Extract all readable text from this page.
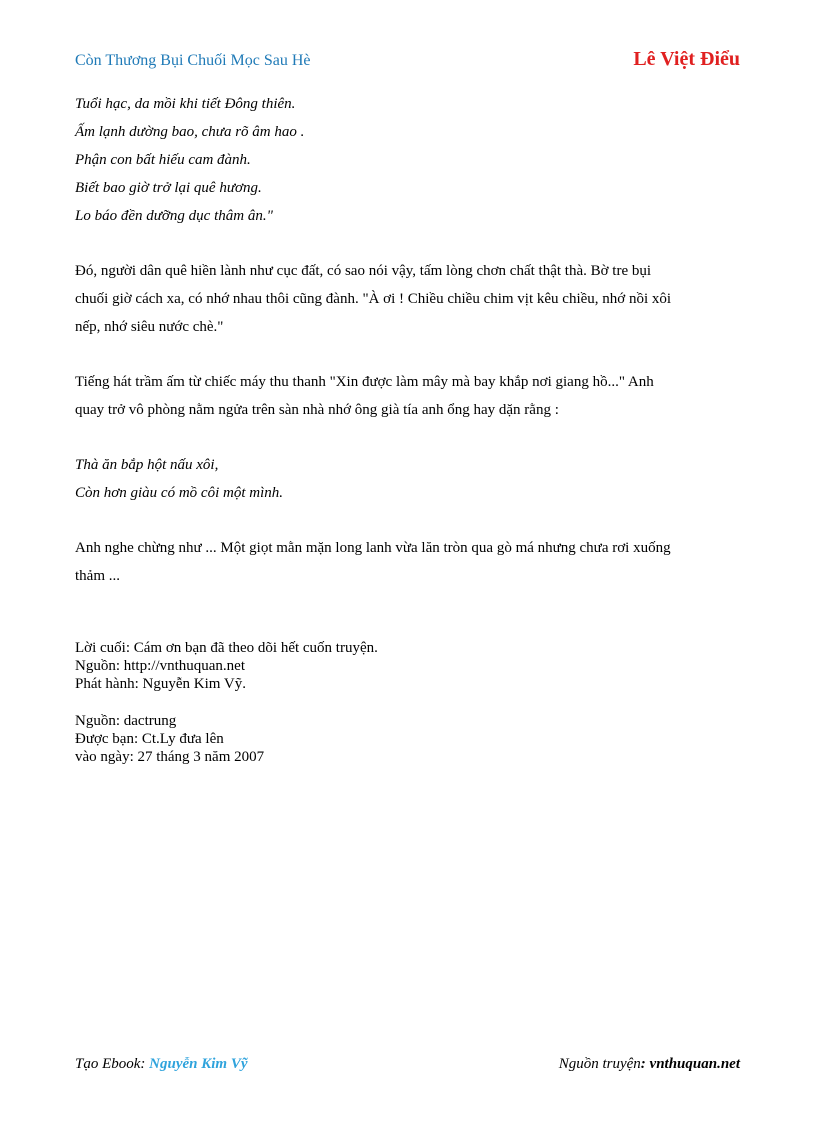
Còn Thương Bụi Chuối Mọc Sau Hè	Lê Việt Điểu
Tuổi hạc, da mồi khi tiết Đông thiên.
Ấm lạnh dường bao, chưa rõ âm hao .
Phận con bất hiếu cam đành.
Biết bao giờ trở lại quê hương.
Lo báo đền dưỡng dục thâm ân."
Đó, người dân quê hiền lành như cục đất, có sao nói vậy, tấm lòng chơn chất thật thà. Bờ tre bụi
chuối giờ cách xa, có nhớ nhau thôi cũng đành. "À ơi ! Chiều chiều chim vịt kêu chiều, nhớ nồi xôi
nếp, nhớ siêu nước chè."
Tiếng hát trầm ấm từ chiếc máy thu thanh "Xin được làm mây mà bay khắp nơi giang hồ..." Anh
quay trở vô phòng nằm ngửa trên sàn nhà nhớ ông già tía anh ổng hay dặn rằng :
Thà ăn bắp hột nấu xôi,
Còn hơn giàu có mồ côi một mình.
Anh nghe chừng như ... Một giọt mằn mặn long lanh vừa lăn tròn qua gò má nhưng chưa rơi xuống
thảm ...
Lời cuối: Cám ơn bạn đã theo dõi hết cuốn truyện.
Nguồn: http://vnthuquan.net
Phát hành: Nguyễn Kim Vỹ.
Nguồn: dactrung
Được bạn: Ct.Ly đưa lên
vào ngày: 27 tháng 3 năm 2007
Tạo Ebook: Nguyễn Kim Vỹ	Nguồn truyện: vnthuquan.net
